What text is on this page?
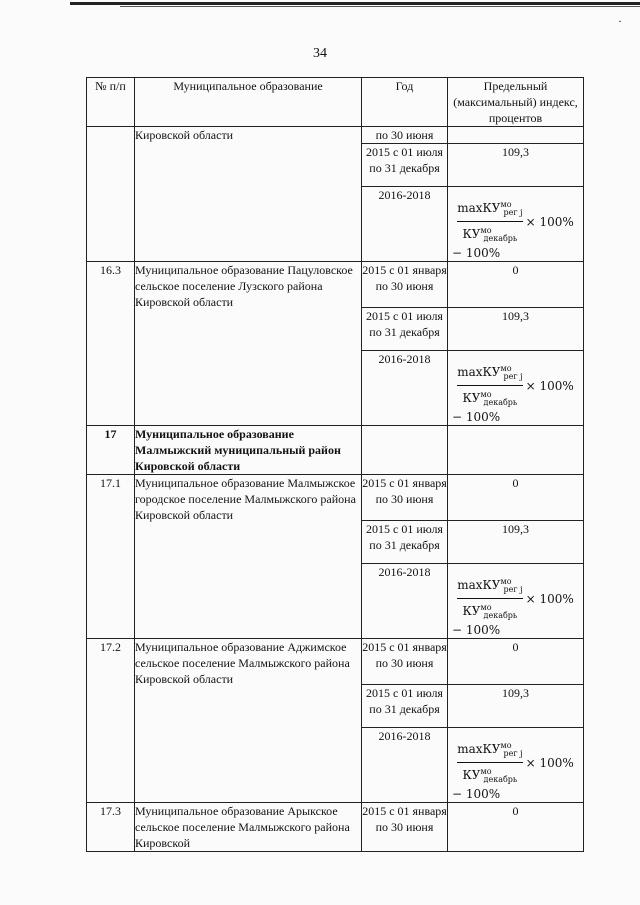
·
34
№ п/п	Муниципальное образование	Год	Предельный (максимальный) индекс, процентов
	Кировской области	по 30 июня	
		2015 с 01 июля по 31 декабря	109,3
		2016-2018	$\frac{\max КУ^{мо}_{рег j}}{КУ^{мо}_{декабрь}} \times 100\%$
− 100%

16.3	Муниципальное образование Пацуловское сельское поселение Лузского района Кировской области	2015 с 01 января по 30 июня	0
		2015 с 01 июля по 31 декабря	109,3
		2016-2018	$\frac{\max КУ^{мо}_{рег j}}{КУ^{мо}_{декабрь}} \times 100\%$
− 100%

17	Муниципальное образование Малмыжский муниципальный район Кировской области		
17.1	Муниципальное образование Малмыжское городское поселение Малмыжского района Кировской области	2015 с 01 января по 30 июня	0
		2015 с 01 июля по 31 декабря	109,3
		2016-2018	$\frac{\max КУ^{мо}_{рег j}}{КУ^{мо}_{декабрь}} \times 100\%$
− 100%

17.2	Муниципальное образование Аджимское сельское поселение Малмыжского района Кировской области	2015 с 01 января по 30 июня	0
		2015 с 01 июля по 31 декабря	109,3
		2016-2018	$\frac{\max КУ^{мо}_{рег j}}{КУ^{мо}_{декабрь}} \times 100\%$
− 100%

17.3	Муниципальное образование Арыкское сельское поселение Малмыжского района Кировской	2015 с 01 января по 30 июня	0
